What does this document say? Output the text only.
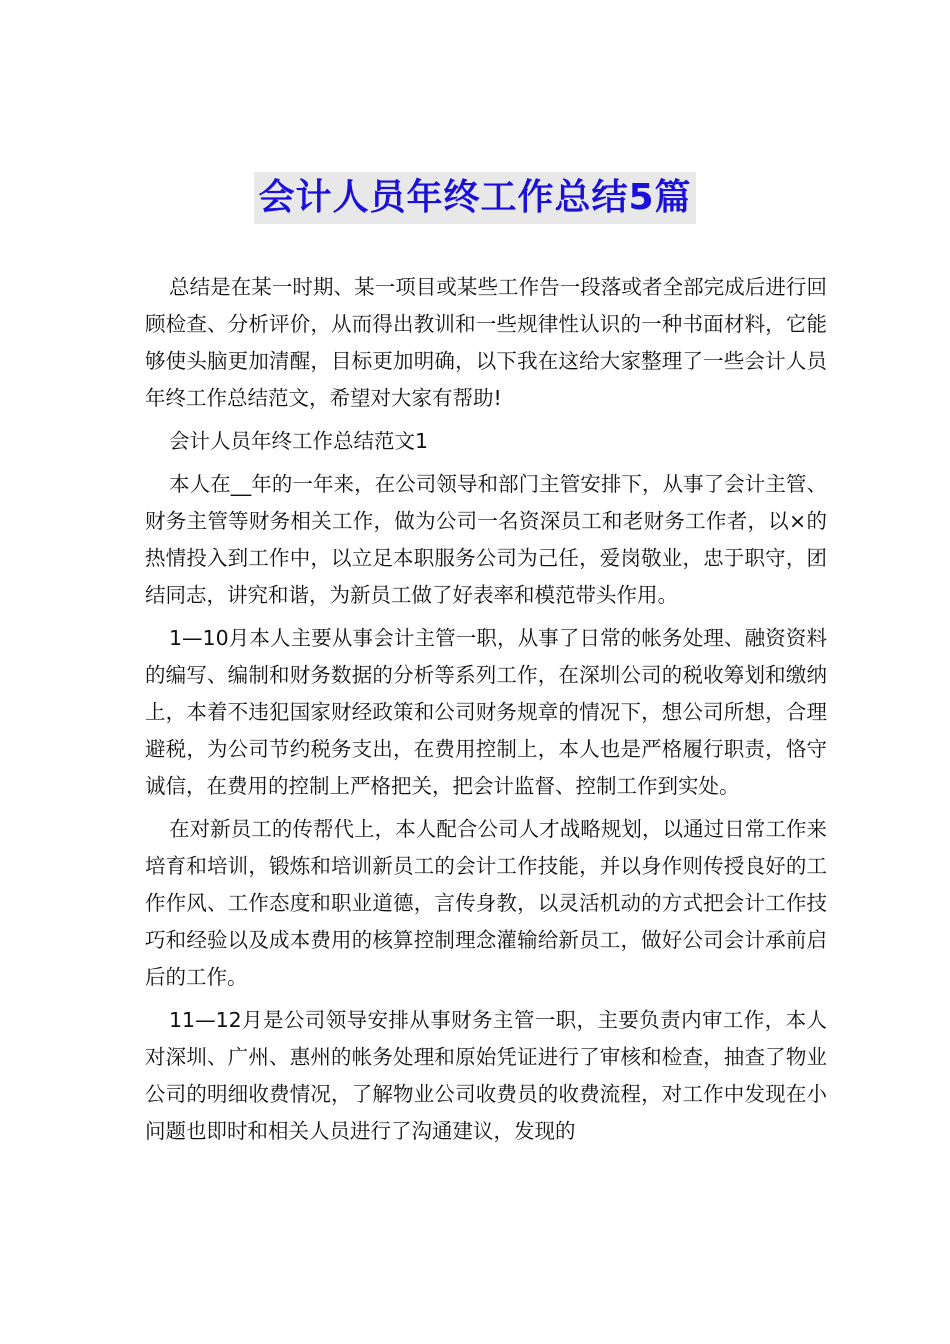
会计人员年终工作总结5篇

总结是在某一时期、某一项目或某些工作告一段落或者全部完成后进行回顾检查、分析评价，从而得出教训和一些规律性认识的一种书面材料，它能够使头脑更加清醒，目标更加明确，以下我在这给大家整理了一些会计人员年终工作总结范文，希望对大家有帮助!

会计人员年终工作总结范文1

本人在__年的一年来，在公司领导和部门主管安排下，从事了会计主管、财务主管等财务相关工作，做为公司一名资深员工和老财务工作者，以×的热情投入到工作中，以立足本职服务公司为己任，爱岗敬业，忠于职守，团结同志，讲究和谐，为新员工做了好表率和模范带头作用。

1—10月本人主要从事会计主管一职，从事了日常的帐务处理、融资资料的编写、编制和财务数据的分析等系列工作，在深圳公司的税收筹划和缴纳上，本着不违犯国家财经政策和公司财务规章的情况下，想公司所想，合理避税，为公司节约税务支出，在费用控制上，本人也是严格履行职责，恪守诚信，在费用的控制上严格把关，把会计监督、控制工作到实处。

在对新员工的传帮代上，本人配合公司人才战略规划，以通过日常工作来培育和培训，锻炼和培训新员工的会计工作技能，并以身作则传授良好的工作作风、工作态度和职业道德，言传身教，以灵活机动的方式把会计工作技巧和经验以及成本费用的核算控制理念灌输给新员工，做好公司会计承前启后的工作。

11—12月是公司领导安排从事财务主管一职，主要负责内审工作，本人对深圳、广州、惠州的帐务处理和原始凭证进行了审核和检查，抽查了物业公司的明细收费情况，了解物业公司收费员的收费流程，对工作中发现在小问题也即时和相关人员进行了沟通建议，发现的
